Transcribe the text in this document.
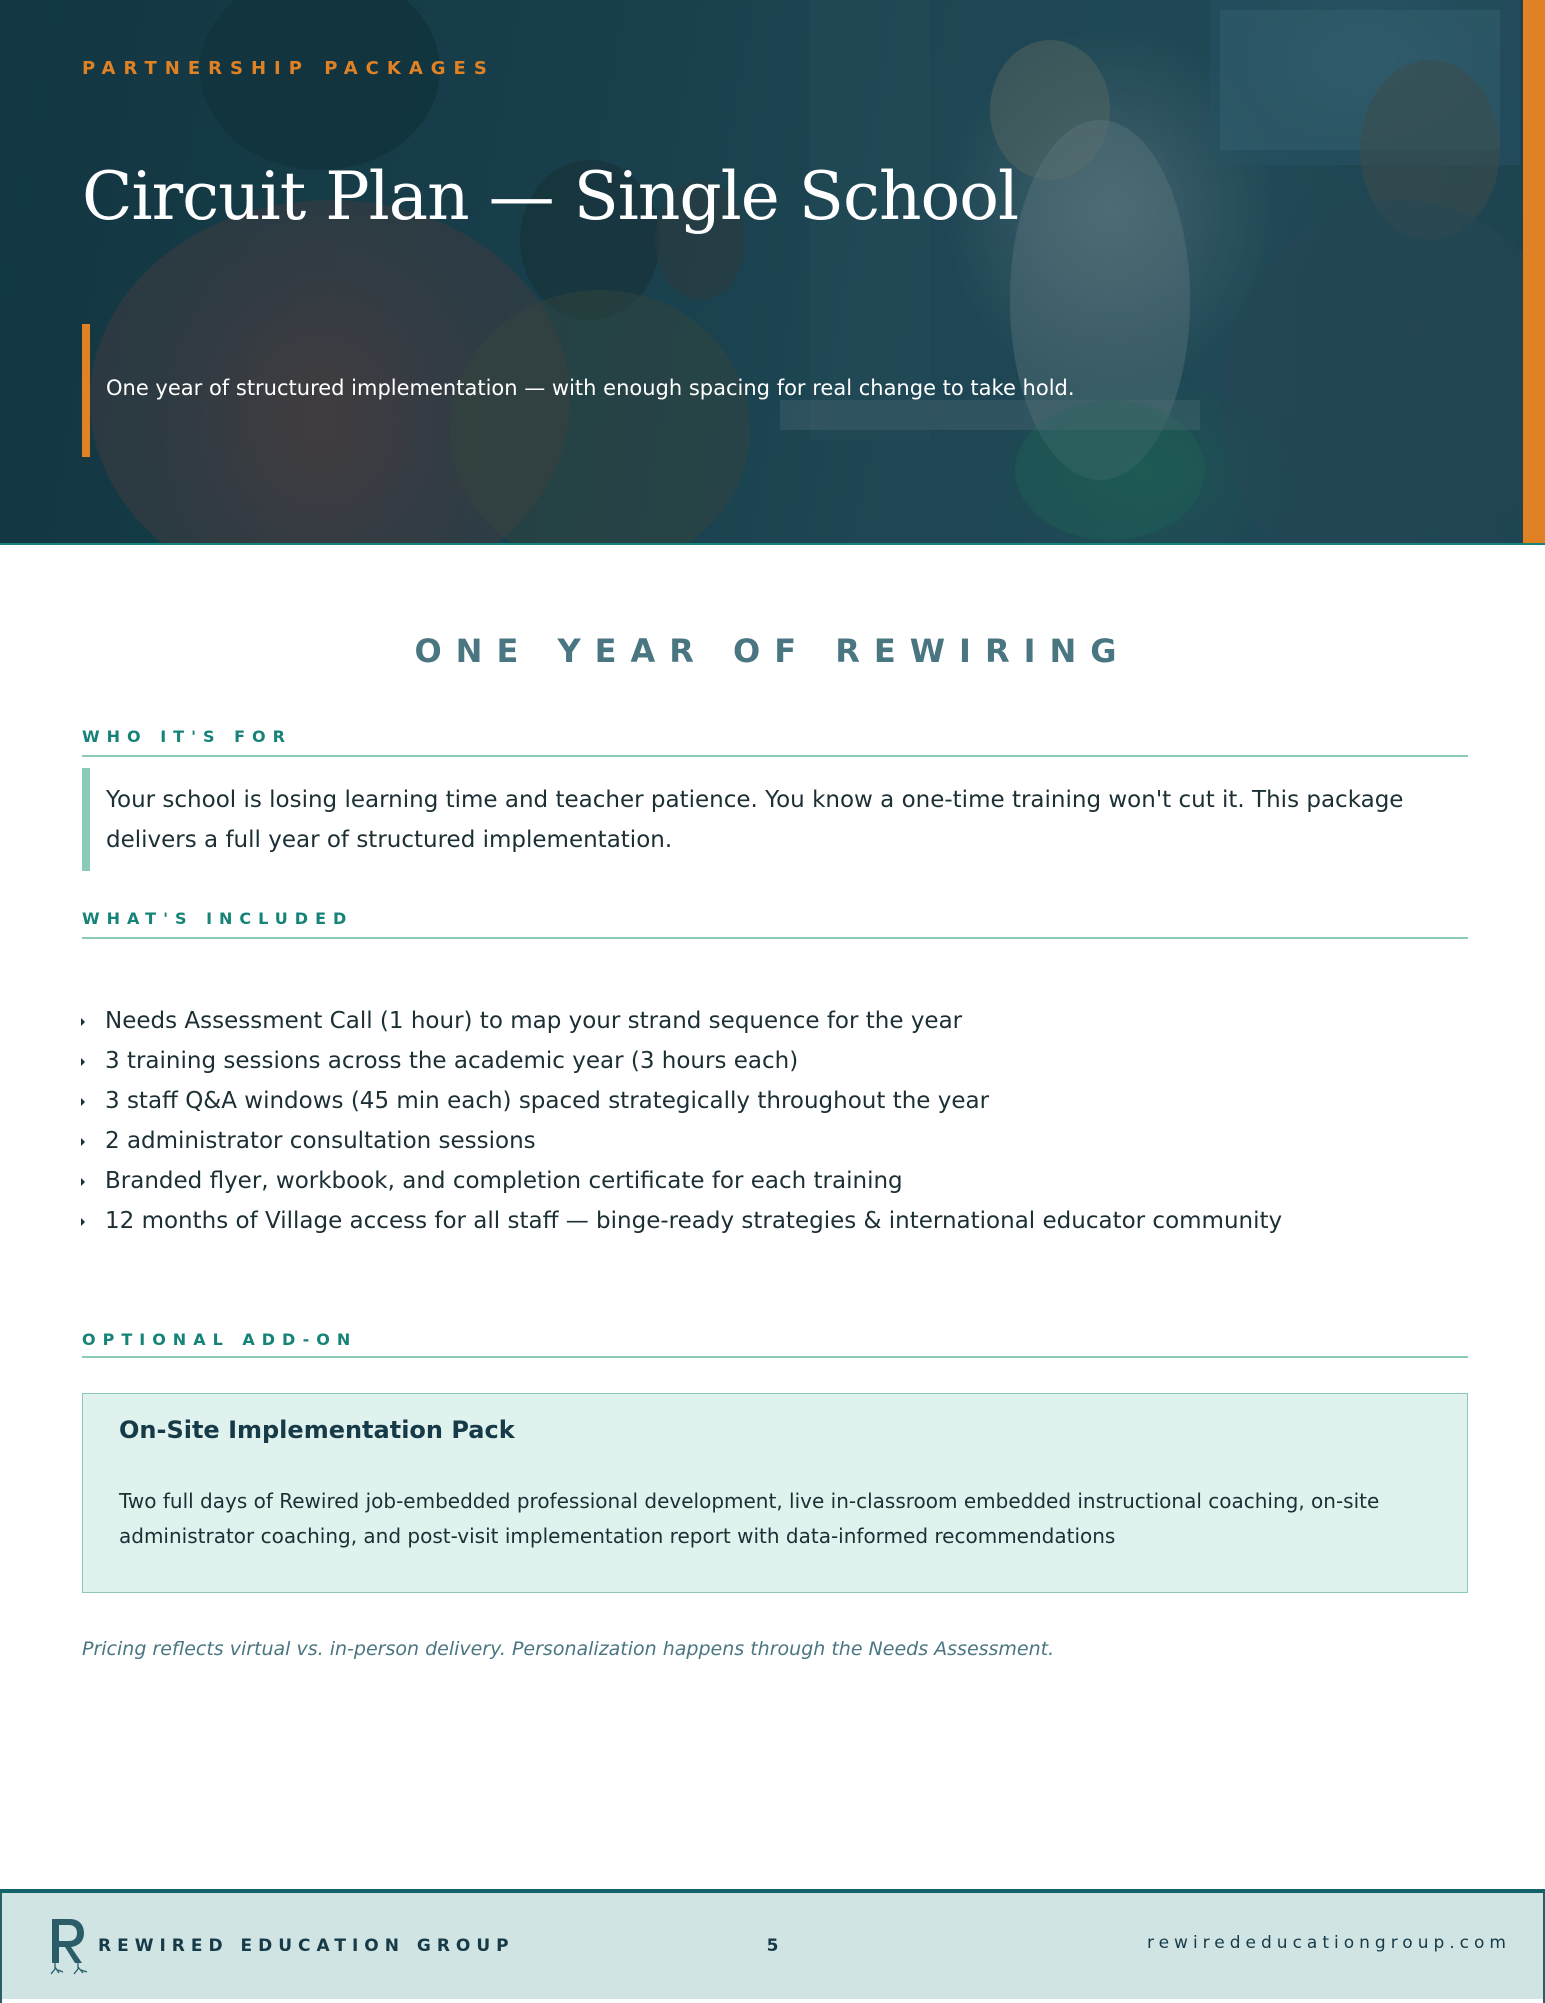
PARTNERSHIP PACKAGES
Circuit Plan — Single School
One year of structured implementation — with enough spacing for real change to take hold.
ONE YEAR OF REWIRING
WHO IT'S FOR
Your school is losing learning time and teacher patience. You know a one-time training won't cut it. This package delivers a full year of structured implementation.
WHAT'S INCLUDED
Needs Assessment Call (1 hour) to map your strand sequence for the year
3 training sessions across the academic year (3 hours each)
3 staff Q&A windows (45 min each) spaced strategically throughout the year
2 administrator consultation sessions
Branded flyer, workbook, and completion certificate for each training
12 months of Village access for all staff — binge-ready strategies & international educator community
OPTIONAL ADD-ON
On-Site Implementation Pack
Two full days of Rewired job-embedded professional development, live in-classroom embedded instructional coaching, on-site administrator coaching, and post-visit implementation report with data-informed recommendations
Pricing reflects virtual vs. in-person delivery. Personalization happens through the Needs Assessment.
REWIRED EDUCATION GROUP	5	rewirededucationgroup.com
